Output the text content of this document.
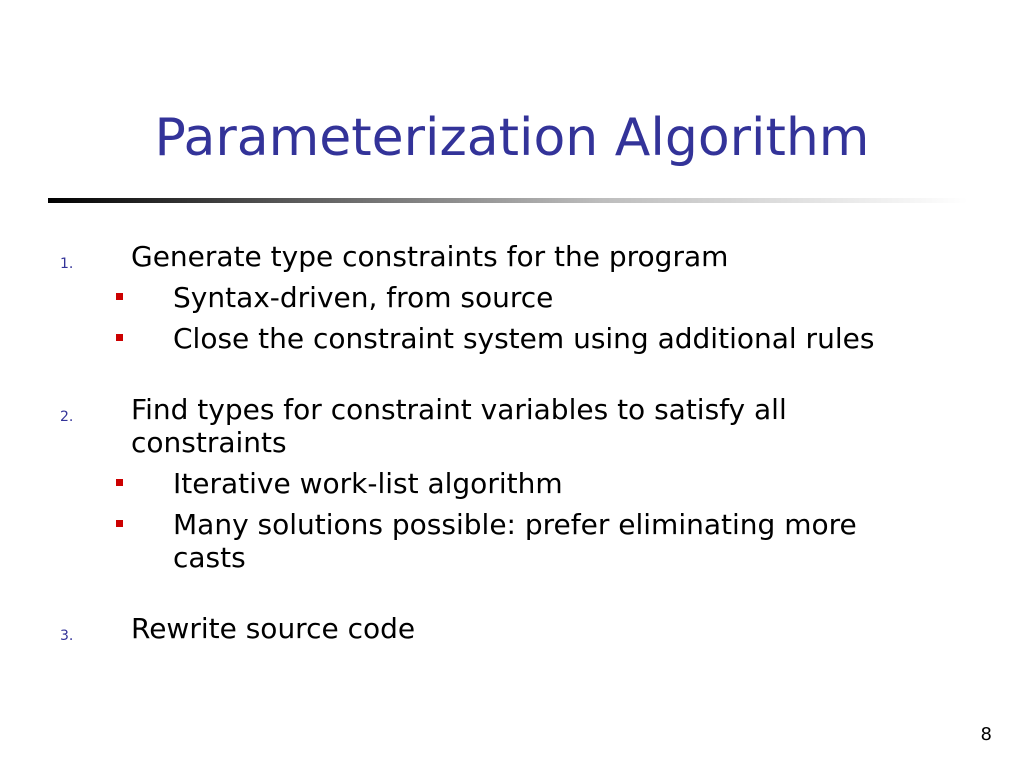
Parameterization Algorithm
1. Generate type constraints for the program
Syntax-driven, from source
Close the constraint system using additional rules
2. Find types for constraint variables to satisfy all constraints
Iterative work-list algorithm
Many solutions possible: prefer eliminating more casts
3. Rewrite source code
8
